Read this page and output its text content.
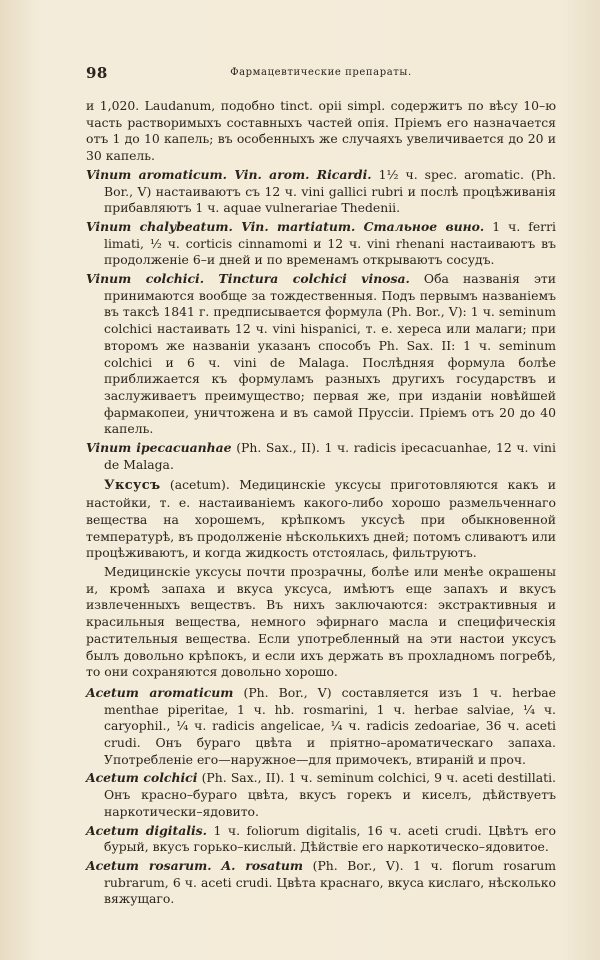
98	Фармацевтические препараты.

и 1,020. Laudanum, подобно tinct. opii simpl. содержитъ по вѣсу 10–ю часть растворимыхъ составныхъ частей опія. Пріемъ его назначается отъ 1 до 10 капель; въ особенныхъ же случаяхъ увеличивается до 20 и 30 капель.

Vinum aromaticum. Vin. arom. Ricardi. 1½ ч. spec. aromatic. (Ph. Bor., V) настаиваютъ съ 12 ч. vini gallici rubri и послѣ процѣживанія прибавляютъ 1 ч. aquae vulnerariae Thedenii.

Vinum chalybeatum. Vin. martiatum. Стальное вино. 1 ч. ferri limati, ½ ч. corticis cinnamomi и 12 ч. vini rhenani настаиваютъ въ продолженіе 6–и дней и по временамъ открываютъ сосудъ.

Vinum colchici. Tinctura colchici vinosa. Оба названія эти принимаются вообще за тождественныя. Подъ первымъ названіемъ въ таксѣ 1841 г. предписывается формула (Ph. Bor., V): 1 ч. seminum colchici настаивать 12 ч. vini hispanici, т. е. хереса или малаги; при второмъ же названіи указанъ способъ Ph. Sax. II: 1 ч. seminum colchici и 6 ч. vini de Malaga. Послѣдняя формула болѣе приближается къ формуламъ разныхъ другихъ государствъ и заслуживаетъ преимущество; первая же, при изданіи новѣйшей фармакопеи, уничтожена и въ самой Пруссіи. Пріемъ отъ 20 до 40 капель.

Vinum ipecacuanhae (Ph. Sax., II). 1 ч. radicis ipecacuanhae, 12 ч. vini de Malaga.

Уксусъ (acetum). Медицинскіе уксусы приготовляются какъ и настойки, т. е. настаиваніемъ какого-либо хорошо размельченнаго вещества на хорошемъ, крѣпкомъ уксусѣ при обыкновенной температурѣ, въ продолженіе нѣсколькихъ дней; потомъ сливаютъ или процѣживаютъ, и когда жидкость отстоялась, фильтруютъ.

Медицинскіе уксусы почти прозрачны, болѣе или менѣе окрашены и, кромѣ запаха и вкуса уксуса, имѣютъ еще запахъ и вкусъ извлеченныхъ веществъ. Въ нихъ заключаются: экстрактивныя и красильныя вещества, немного эфирнаго масла и специфическія растительныя вещества. Если употребленный на эти настои уксусъ былъ довольно крѣпокъ, и если ихъ держать въ прохладномъ погребѣ, то они сохраняются довольно хорошо.

Acetum aromaticum (Ph. Bor., V) составляется изъ 1 ч. herbae menthae piperitae, 1 ч. hb. rosmarini, 1 ч. herbae salviae, ¼ ч. caryophil., ¼ ч. radicis angelicae, ¼ ч. radicis zedoariae, 36 ч. aceti crudi. Онъ бураго цвѣта и пріятно–ароматическаго запаха. Употребленіе его—наружное—для примочекъ, втираній и проч.

Acetum colchici (Ph. Sax., II). 1 ч. seminum colchici, 9 ч. aceti destillati. Онъ красно–бураго цвѣта, вкусъ горекъ и киселъ, дѣйствуетъ наркотически–ядовито.

Acetum digitalis. 1 ч. foliorum digitalis, 16 ч. aceti crudi. Цвѣтъ его бурый, вкусъ горько–кислый. Дѣйствіе его наркотическо–ядовитое.

Acetum rosarum. A. rosatum (Ph. Bor., V). 1 ч. florum rosarum rubrarum, 6 ч. aceti crudi. Цвѣта краснаго, вкуса кислаго, нѣсколько вяжущаго.
